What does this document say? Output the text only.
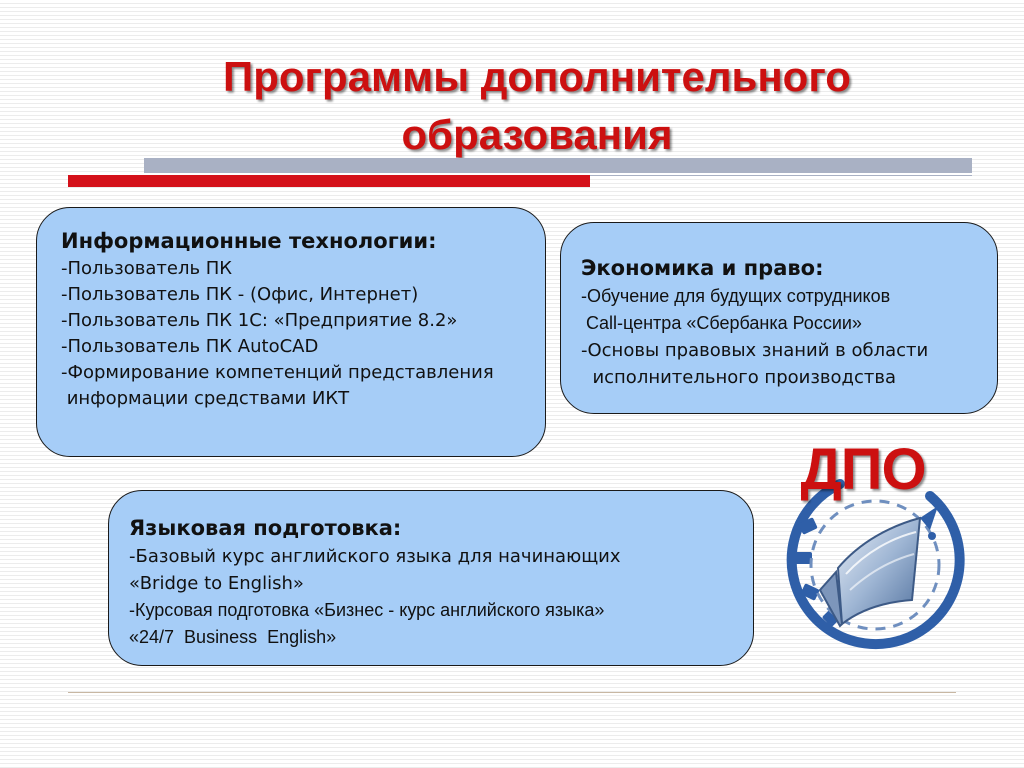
Программы дополнительного
образования
Информационные технологии:
-Пользователь ПК
-Пользователь ПК - (Офис, Интернет)
-Пользователь ПК 1С: «Предприятие 8.2»
-Пользователь ПК AutoCAD
-Формирование компетенций представления
информации средствами ИКТ
Экономика и право:
-Обучение для будущих сотрудников
Call-центра «Сбербанка России»
-Основы правовых знаний в области
исполнительного производства
Языковая подготовка:
-Базовый курс английского языка для начинающих
«Bridge to English»
-Курсовая подготовка «Бизнес - курс английского языка»
«24/7  Business  English»
ДПО
